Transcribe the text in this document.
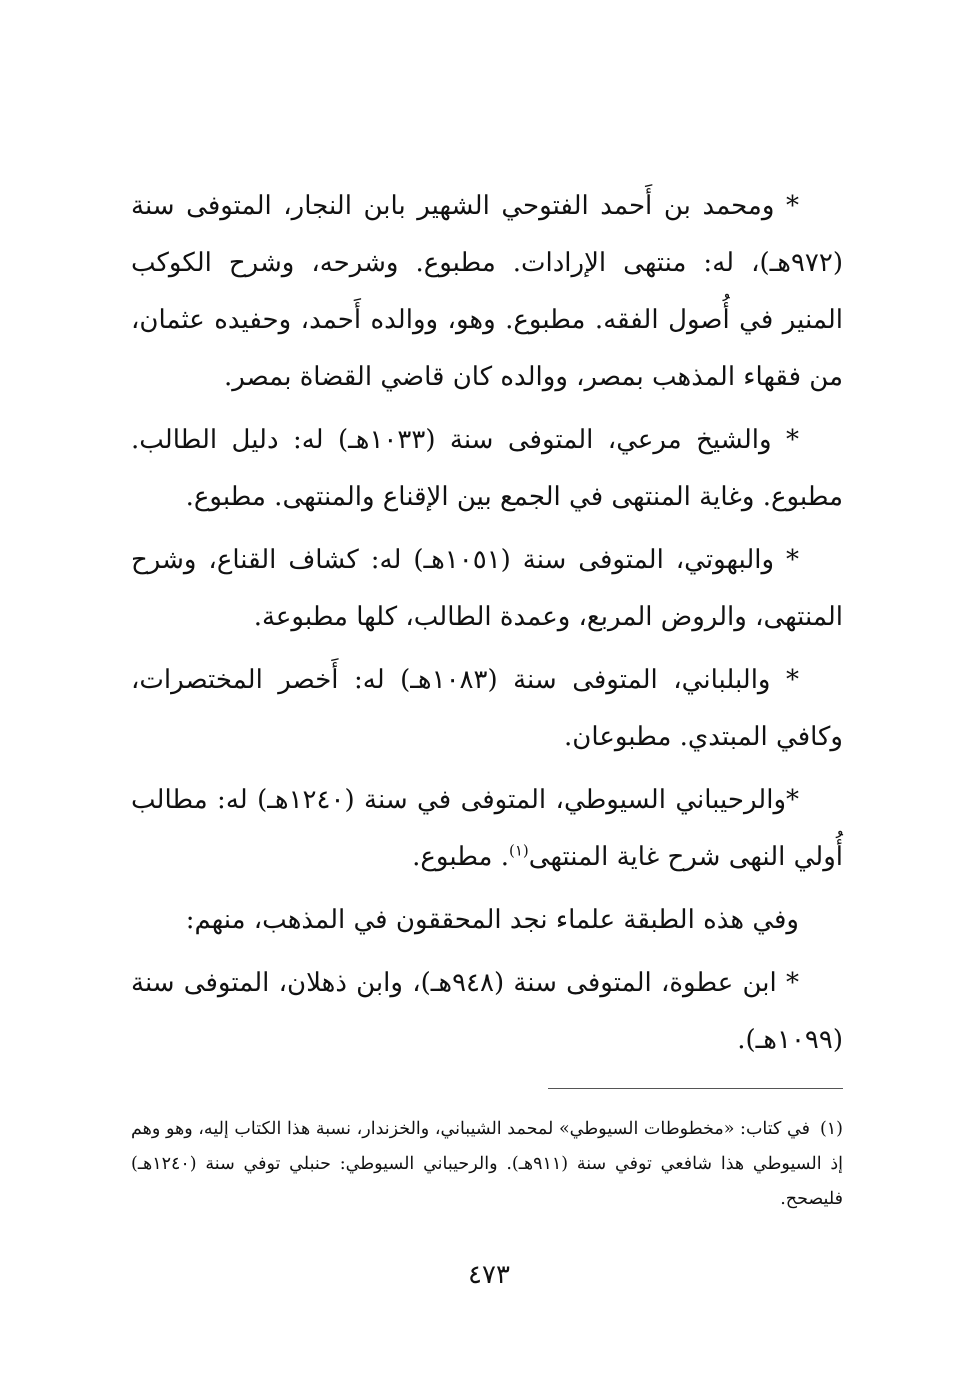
* ومحمد بن أَحمد الفتوحي الشهير بابن النجار، المتوفى سنة (٩٧٢هـ)، له: منتهى الإرادات. مطبوع. وشرحه، وشرح الكوكب المنير في أُصول الفقه. مطبوع. وهو، ووالده أَحمد، وحفيده عثمان، من فقهاء المذهب بمصر، ووالده كان قاضي القضاة بمصر.

* والشيخ مرعي، المتوفى سنة (١٠٣٣هـ) له: دليل الطالب. مطبوع. وغاية المنتهى في الجمع بين الإقناع والمنتهى. مطبوع.

* والبهوتي، المتوفى سنة (١٠٥١هـ) له: كشاف القناع، وشرح المنتهى، والروض المربع، وعمدة الطالب، كلها مطبوعة.

* والبلباني، المتوفى سنة (١٠٨٣هـ) له: أَخصر المختصرات، وكافي المبتدي. مطبوعان.

*والرحيباني السيوطي، المتوفى في سنة (١٢٤٠هـ) له: مطالب أُولي النهى شرح غاية المنتهى$^{(١)}$. مطبوع.

وفي هذه الطبقة علماء نجد المحققون في المذهب، منهم:

* ابن عطوة، المتوفى سنة (٩٤٨هـ)، وابن ذهلان، المتوفى سنة (١٠٩٩هـ).

(١)في كتاب: «مخطوطات السيوطي» لمحمد الشيباني، والخزندار، نسبة هذا الكتاب إليه، وهو وهم إذ السيوطي هذا شافعي توفي سنة (٩١١هـ). والرحيباني السيوطي: حنبلي توفي سنة (١٢٤٠هـ) فليصحح.

٤٧٣
